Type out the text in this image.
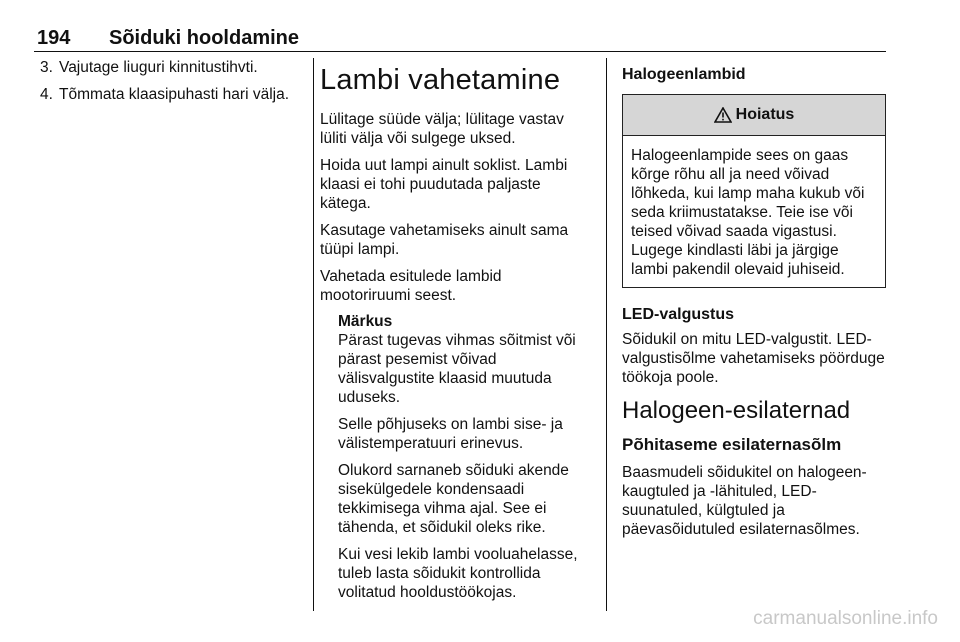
194 Sõiduki hooldamine
3. Vajutage liuguri kinnitustihvti.
4. Tõmmata klaasipuhasti hari välja. Lambi vahetamine

Lülitage süüde välja; lülitage vastav lüliti välja või sulgege uksed.

Hoida uut lampi ainult soklist. Lambi klaasi ei tohi puudutada paljaste kätega.

Kasutage vahetamiseks ainult sama tüüpi lampi.

Vahetada esitulede lambid mootoriruumi seest.

Märkus

Pärast tugevas vihmas sõitmist või pärast pesemist võivad välisvalgustite klaasid muutuda uduseks.

Selle põhjuseks on lambi sise- ja välistemperatuuri erinevus.

Olukord sarnaneb sõiduki akende sisekülgedele kondensaadi tekkimisega vihma ajal. See ei tähenda, et sõidukil oleks rike.

Kui vesi lekib lambi vooluahelasse, tuleb lasta sõidukit kontrollida volitatud hooldustöökojas.

Halogeenlambid
Hoiatus
Halogeenlampide sees on gaas kõrge rõhu all ja need võivad lõhkeda, kui lamp maha kukub või seda kriimustatakse. Teie ise või teised võivad saada vigastusi. Lugege kindlasti läbi ja järgige lambi pakendil olevaid juhiseid.
LED-valgustus

Sõidukil on mitu LED-valgustit. LED-valgustisõlme vahetamiseks pöörduge töökoja poole.

Halogeen-esilaternad
Põhitaseme esilaternasõlm

Baasmudeli sõidukitel on halogeen-kaugtuled ja -lähituled, LED-suunatuled, külgtuled ja päevasõidutuled esilaternasõlmes.

carmanualsonline.info
